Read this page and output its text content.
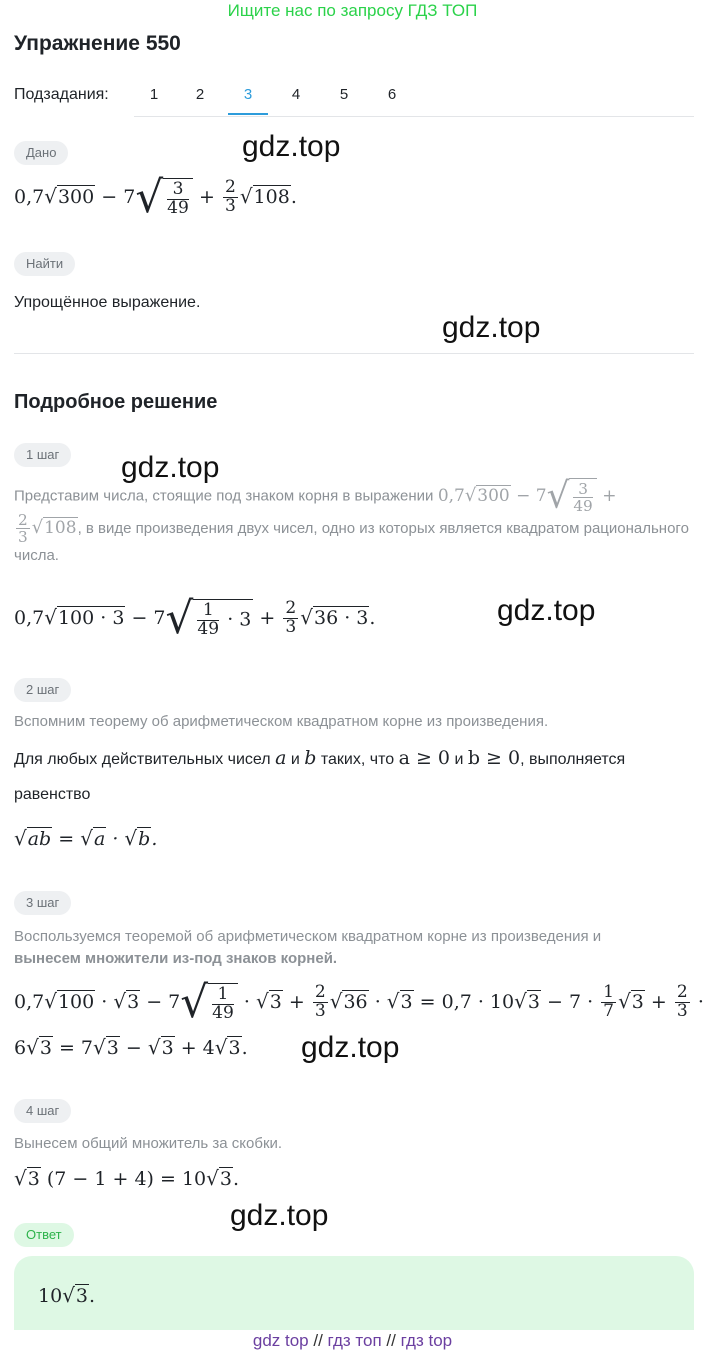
Ищите нас по запросу ГДЗ ТОП
Упражнение 550
Подзадания:	1	2	3	4	5	6
Дано	gdz.top
$0,7√300 - 7√ \frac{3}{49} + \frac{2}{3} √108$.
Найти
Упрощённое выражение.
gdz.top
Подробное решение
1 шаг	gdz.top
Представим числа, стоящие под знаком корня в выражении $0,7√300 - 7√ \frac{3}{49}$ +
$\frac{2}{3} √108$, в виде произведения двух чисел, одно из которых является квадратом рационального числа.
$0,7√100 \cdot 3 - 7√ \frac{1}{49} \cdot 3 + \frac{2}{3} √36 \cdot 3$.	gdz.top
2 шаг
Вспомним теорему об арифметическом квадратном корне из произведения.
Для любых действительных чисел a и b таких, что a ≥ 0 и b ≥ 0, выполняется
равенство
√ab = √a · √b.
3 шаг
Воспользуемся теоремой об арифметическом квадратном корне из произведения и
вынесем множители из-под знаков корней.
$0,7√100 \cdot √3 - 7√ \frac{1}{49} \cdot √3 + \frac{2}{3} √36 \cdot √3 = 0,7 \cdot 10√3 - 7 \cdot \frac{1}{7} √3 + \frac{2}{3}$ ·
6√3 = 7√3 − √3 + 4√3. gdz.top
4 шаг
Вынесем общий множитель за скобки.
√3 (7 − 1 + 4) = 10√3.
gdz.top
Ответ
10√3.
gdz top // гдз топ // гдз top
